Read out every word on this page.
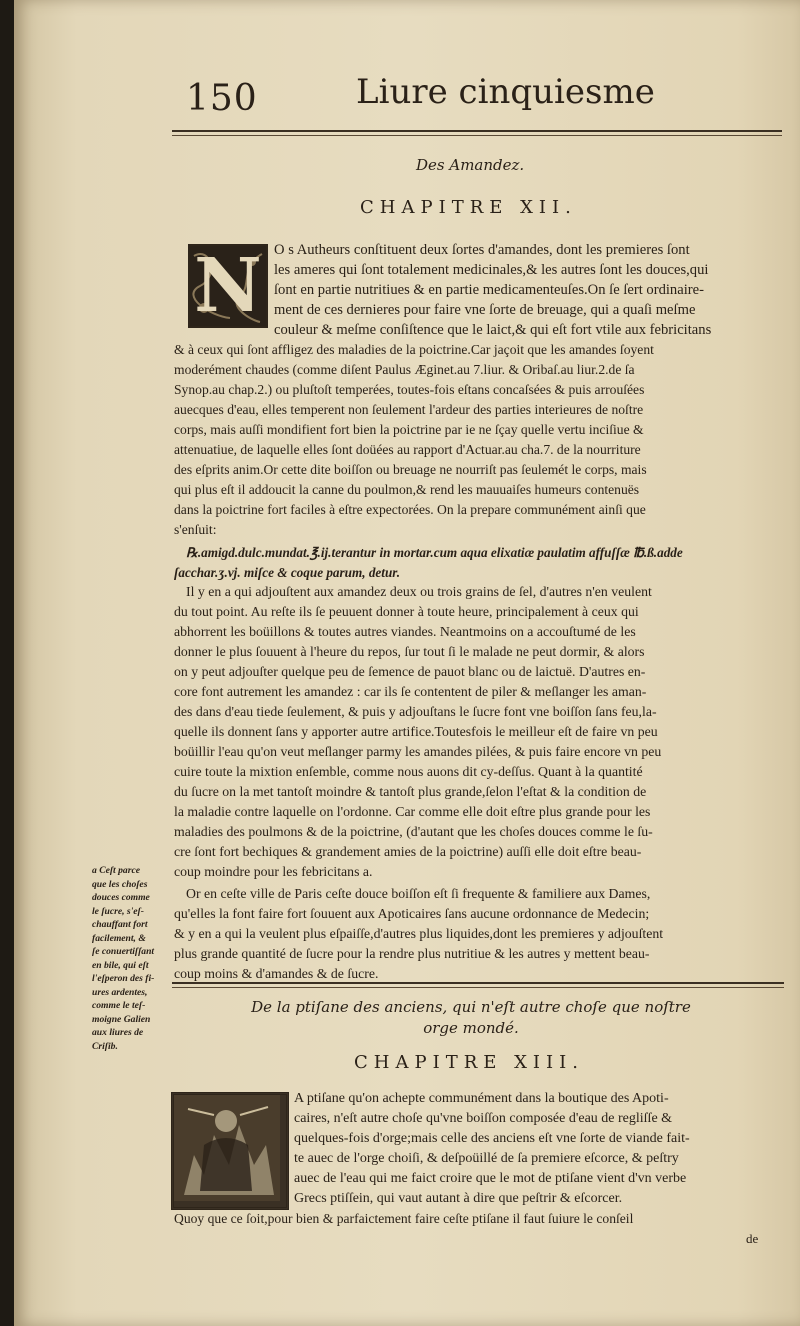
150	Liure cinquiesme
Des Amandez.
CHAPITRE XII.
N O s Autheurs conſtituent deux ſortes d'amandes, dont les premieres ſont
les ameres qui ſont totalement medicinales,& les autres ſont les douces,qui
ſont en partie nutritiues & en partie medicamenteuſes.On ſe ſert ordinaire-
ment de ces dernieres pour faire vne ſorte de breuage, qui a quaſi meſme
couleur & meſme conſiſtence que le laict,& qui eſt fort vtile aux febricitans
& à ceux qui ſont affligez des maladies de la poictrine.Car jaçoit que les amandes ſoyent
moderément chaudes (comme diſent Paulus Æginet.au 7.liur. & Oribaſ.au liur.2.de ſa
Synop.au chap.2.) ou pluſtoſt temperées, toutes-fois eſtans concaſsées & puis arrouſées
auecques d'eau, elles temperent non ſeulement l'ardeur des parties interieures de noſtre
corps, mais auſſi mondifient fort bien la poictrine par ie ne ſçay quelle vertu inciſiue &
attenuatiue, de laquelle elles ſont doüées au rapport d'Actuar.au cha.7. de la nourriture
des eſprits anim.Or cette dite boiſſon ou breuage ne nourriſt pas ſeulemét le corps, mais
qui plus eſt il addoucit la canne du poulmon,& rend les mauuaiſes humeurs contenuës
dans la poictrine fort faciles à eſtre expectorées. On la prepare communément ainſi que
s'enſuit:
℞.amigd.dulc.mundat.℥.ij.terantur in mortar.cum aqua elixatiæ paulatim affuſſæ ℔.ß.adde
ſacchar.ʒ.vj. miſce & coque parum, detur.
Il y en a qui adjouſtent aux amandez deux ou trois grains de ſel, d'autres n'en veulent
du tout point. Au reſte ils ſe peuuent donner à toute heure, principalement à ceux qui
abhorrent les boüillons & toutes autres viandes. Neantmoins on a accouſtumé de les
donner le plus ſouuent à l'heure du repos, ſur tout ſi le malade ne peut dormir, & alors
on y peut adjouſter quelque peu de ſemence de pauot blanc ou de laictuë. D'autres en-
core font autrement les amandez : car ils ſe contentent de piler & meſlanger les aman-
des dans d'eau tiede ſeulement, & puis y adjouſtans le ſucre font vne boiſſon ſans feu,la-
quelle ils donnent ſans y apporter autre artifice.Toutesfois le meilleur eſt de faire vn peu
boüillir l'eau qu'on veut meſlanger parmy les amandes pilées, & puis faire encore vn peu
cuire toute la mixtion enſemble, comme nous auons dit cy-deſſus. Quant à la quantité
du ſucre on la met tantoſt moindre & tantoſt plus grande,ſelon l'eſtat & la condition de
la maladie contre laquelle on l'ordonne. Car comme elle doit eſtre plus grande pour les
maladies des poulmons & de la poictrine, (d'autant que les choſes douces comme le ſu-
cre ſont fort bechiques & grandement amies de la poictrine) auſſi elle doit eſtre beau-
coup moindre pour les febricitans a.
Or en ceſte ville de Paris ceſte douce boiſſon eſt ſi frequente & familiere aux Dames,
qu'elles la font faire fort ſouuent aux Apoticaires ſans aucune ordonnance de Medecin;
& y en a qui la veulent plus eſpaiſſe,d'autres plus liquides,dont les premieres y adjouſtent
plus grande quantité de ſucre pour la rendre plus nutritiue & les autres y mettent beau-
coup moins & d'amandes & de ſucre.
a Ceſt parce
que les choſes
douces comme
le ſucre, s'eſ-
chauffant fort
facilement, &
ſe conuertiſſant
en bile, qui eſt
l'eſperon des fi-
ures ardentes,
comme le teſ-
moigne Galien
aux liures de
Criſib.
De la ptiſane des anciens, qui n'eſt autre choſe que noſtre
orge mondé.
CHAPITRE XIII.
A ptiſane qu'on achepte communément dans la boutique des Apoti-
caires, n'eſt autre choſe qu'vne boiſſon composée d'eau de regliſſe &
quelques-fois d'orge;mais celle des anciens eſt vne ſorte de viande fait-
te auec de l'orge choiſi, & deſpoüillé de ſa premiere eſcorce, & peſtry
auec de l'eau qui me faict croire que le mot de ptiſane vient d'vn verbe
Grecs ptiſſein, qui vaut autant à dire que peſtrir & eſcorcer.
Quoy que ce ſoit,pour bien & parfaictement faire ceſte ptiſane il faut ſuiure le conſeil
de
